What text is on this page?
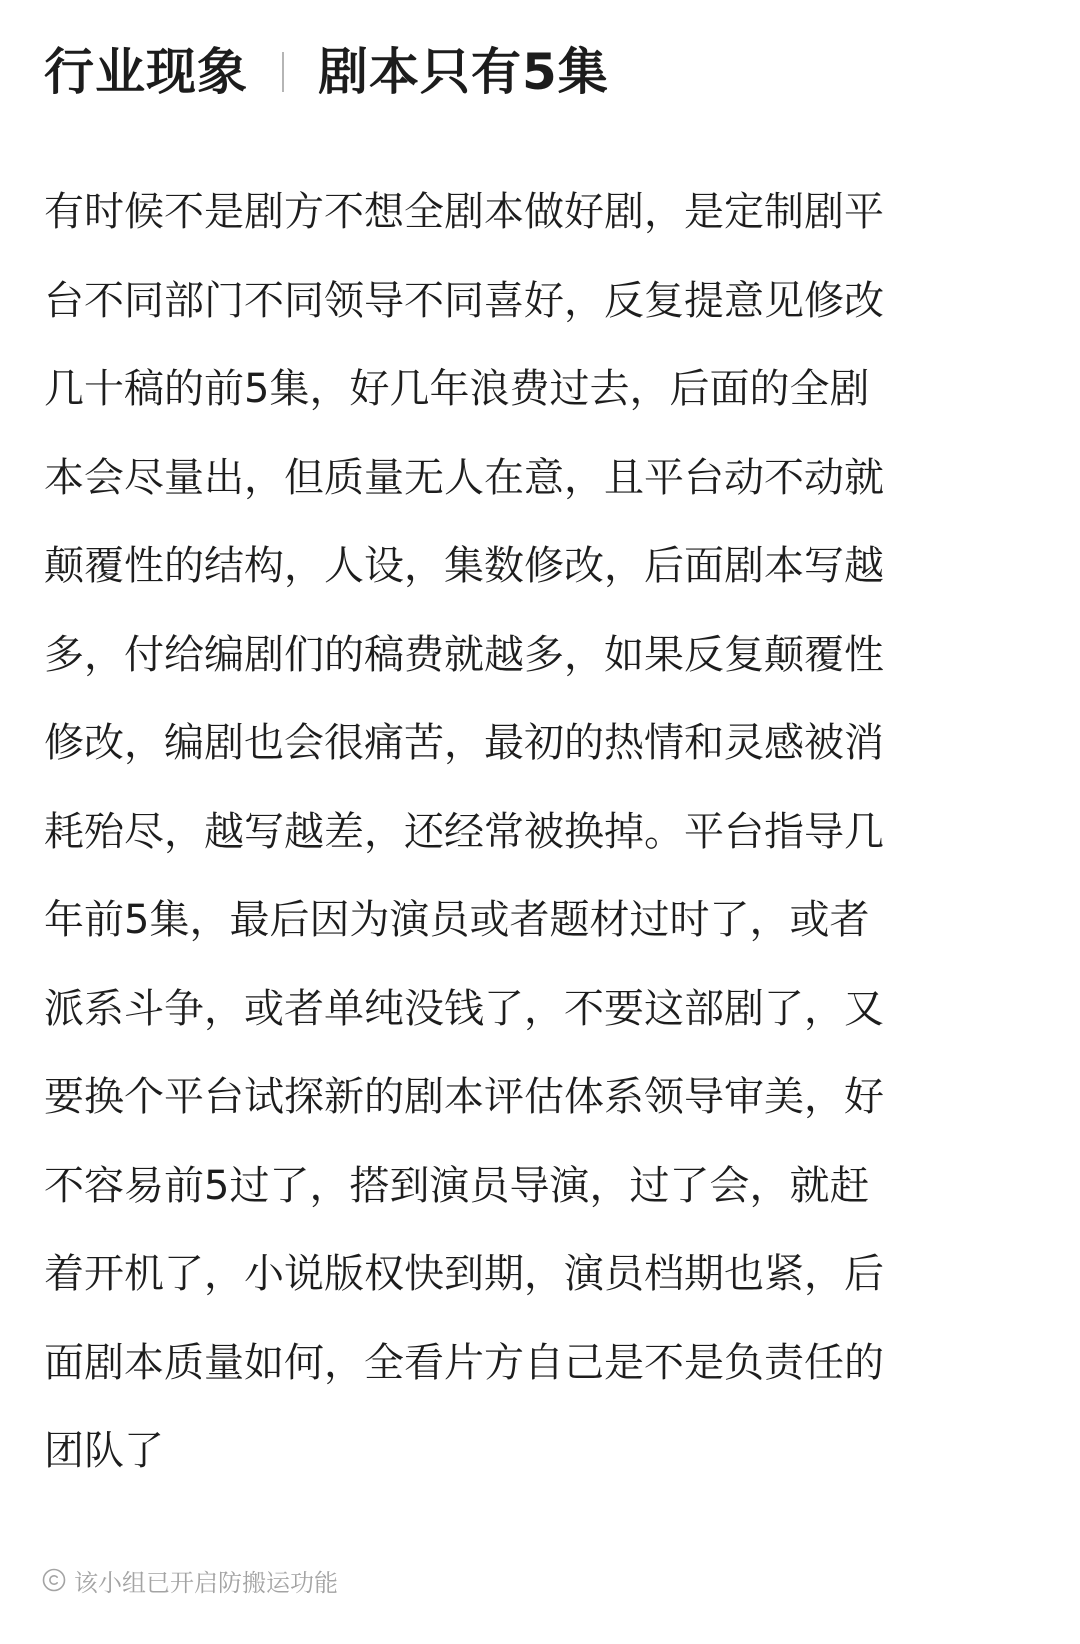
行业现象 剧本只有5集
有时候不是剧方不想全剧本做好剧，是定制剧平
台不同部门不同领导不同喜好，反复提意见修改
几十稿的前5集，好几年浪费过去，后面的全剧
本会尽量出，但质量无人在意，且平台动不动就
颠覆性的结构，人设，集数修改，后面剧本写越
多，付给编剧们的稿费就越多，如果反复颠覆性
修改，编剧也会很痛苦，最初的热情和灵感被消
耗殆尽，越写越差，还经常被换掉。平台指导几
年前5集，最后因为演员或者题材过时了，或者
派系斗争，或者单纯没钱了，不要这部剧了，又
要换个平台试探新的剧本评估体系领导审美，好
不容易前5过了，搭到演员导演，过了会，就赶
着开机了，小说版权快到期，演员档期也紧，后
面剧本质量如何，全看片方自己是不是负责任的
团队了
该小组已开启防搬运功能
